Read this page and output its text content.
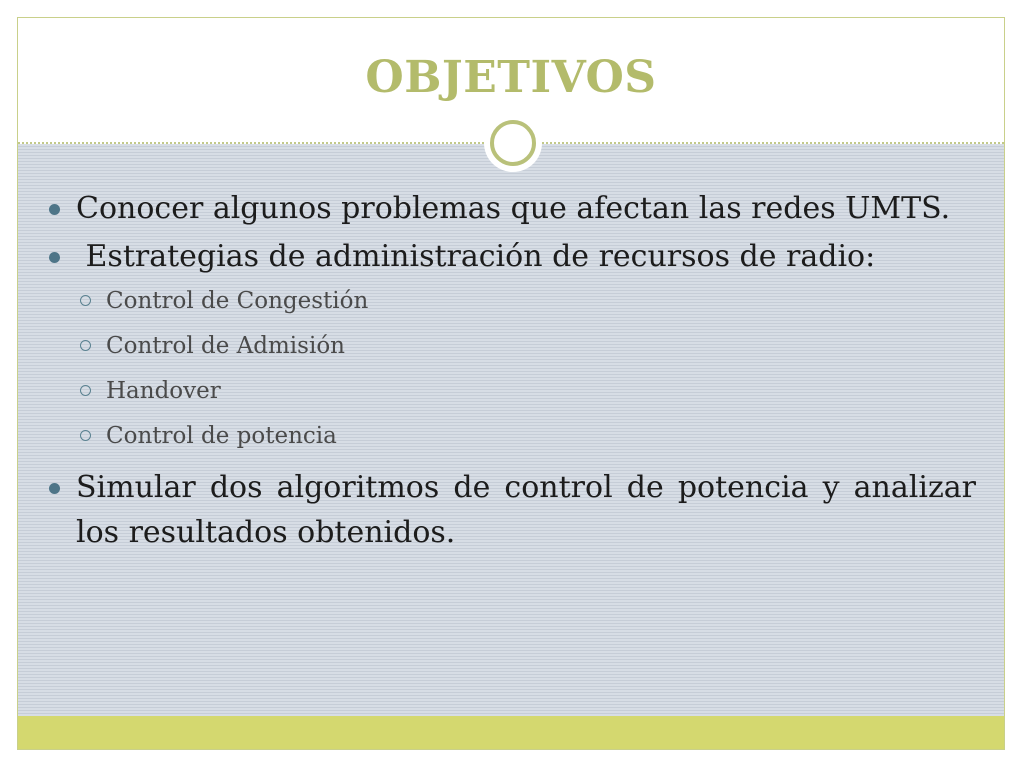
OBJETIVOS
Conocer algunos problemas que afectan las redes UMTS.
Estrategias de administración de recursos de radio:
Control de Congestión
Control de Admisión
Handover
Control de potencia
Simular dos algoritmos de control de potencia y analizar los resultados obtenidos.
